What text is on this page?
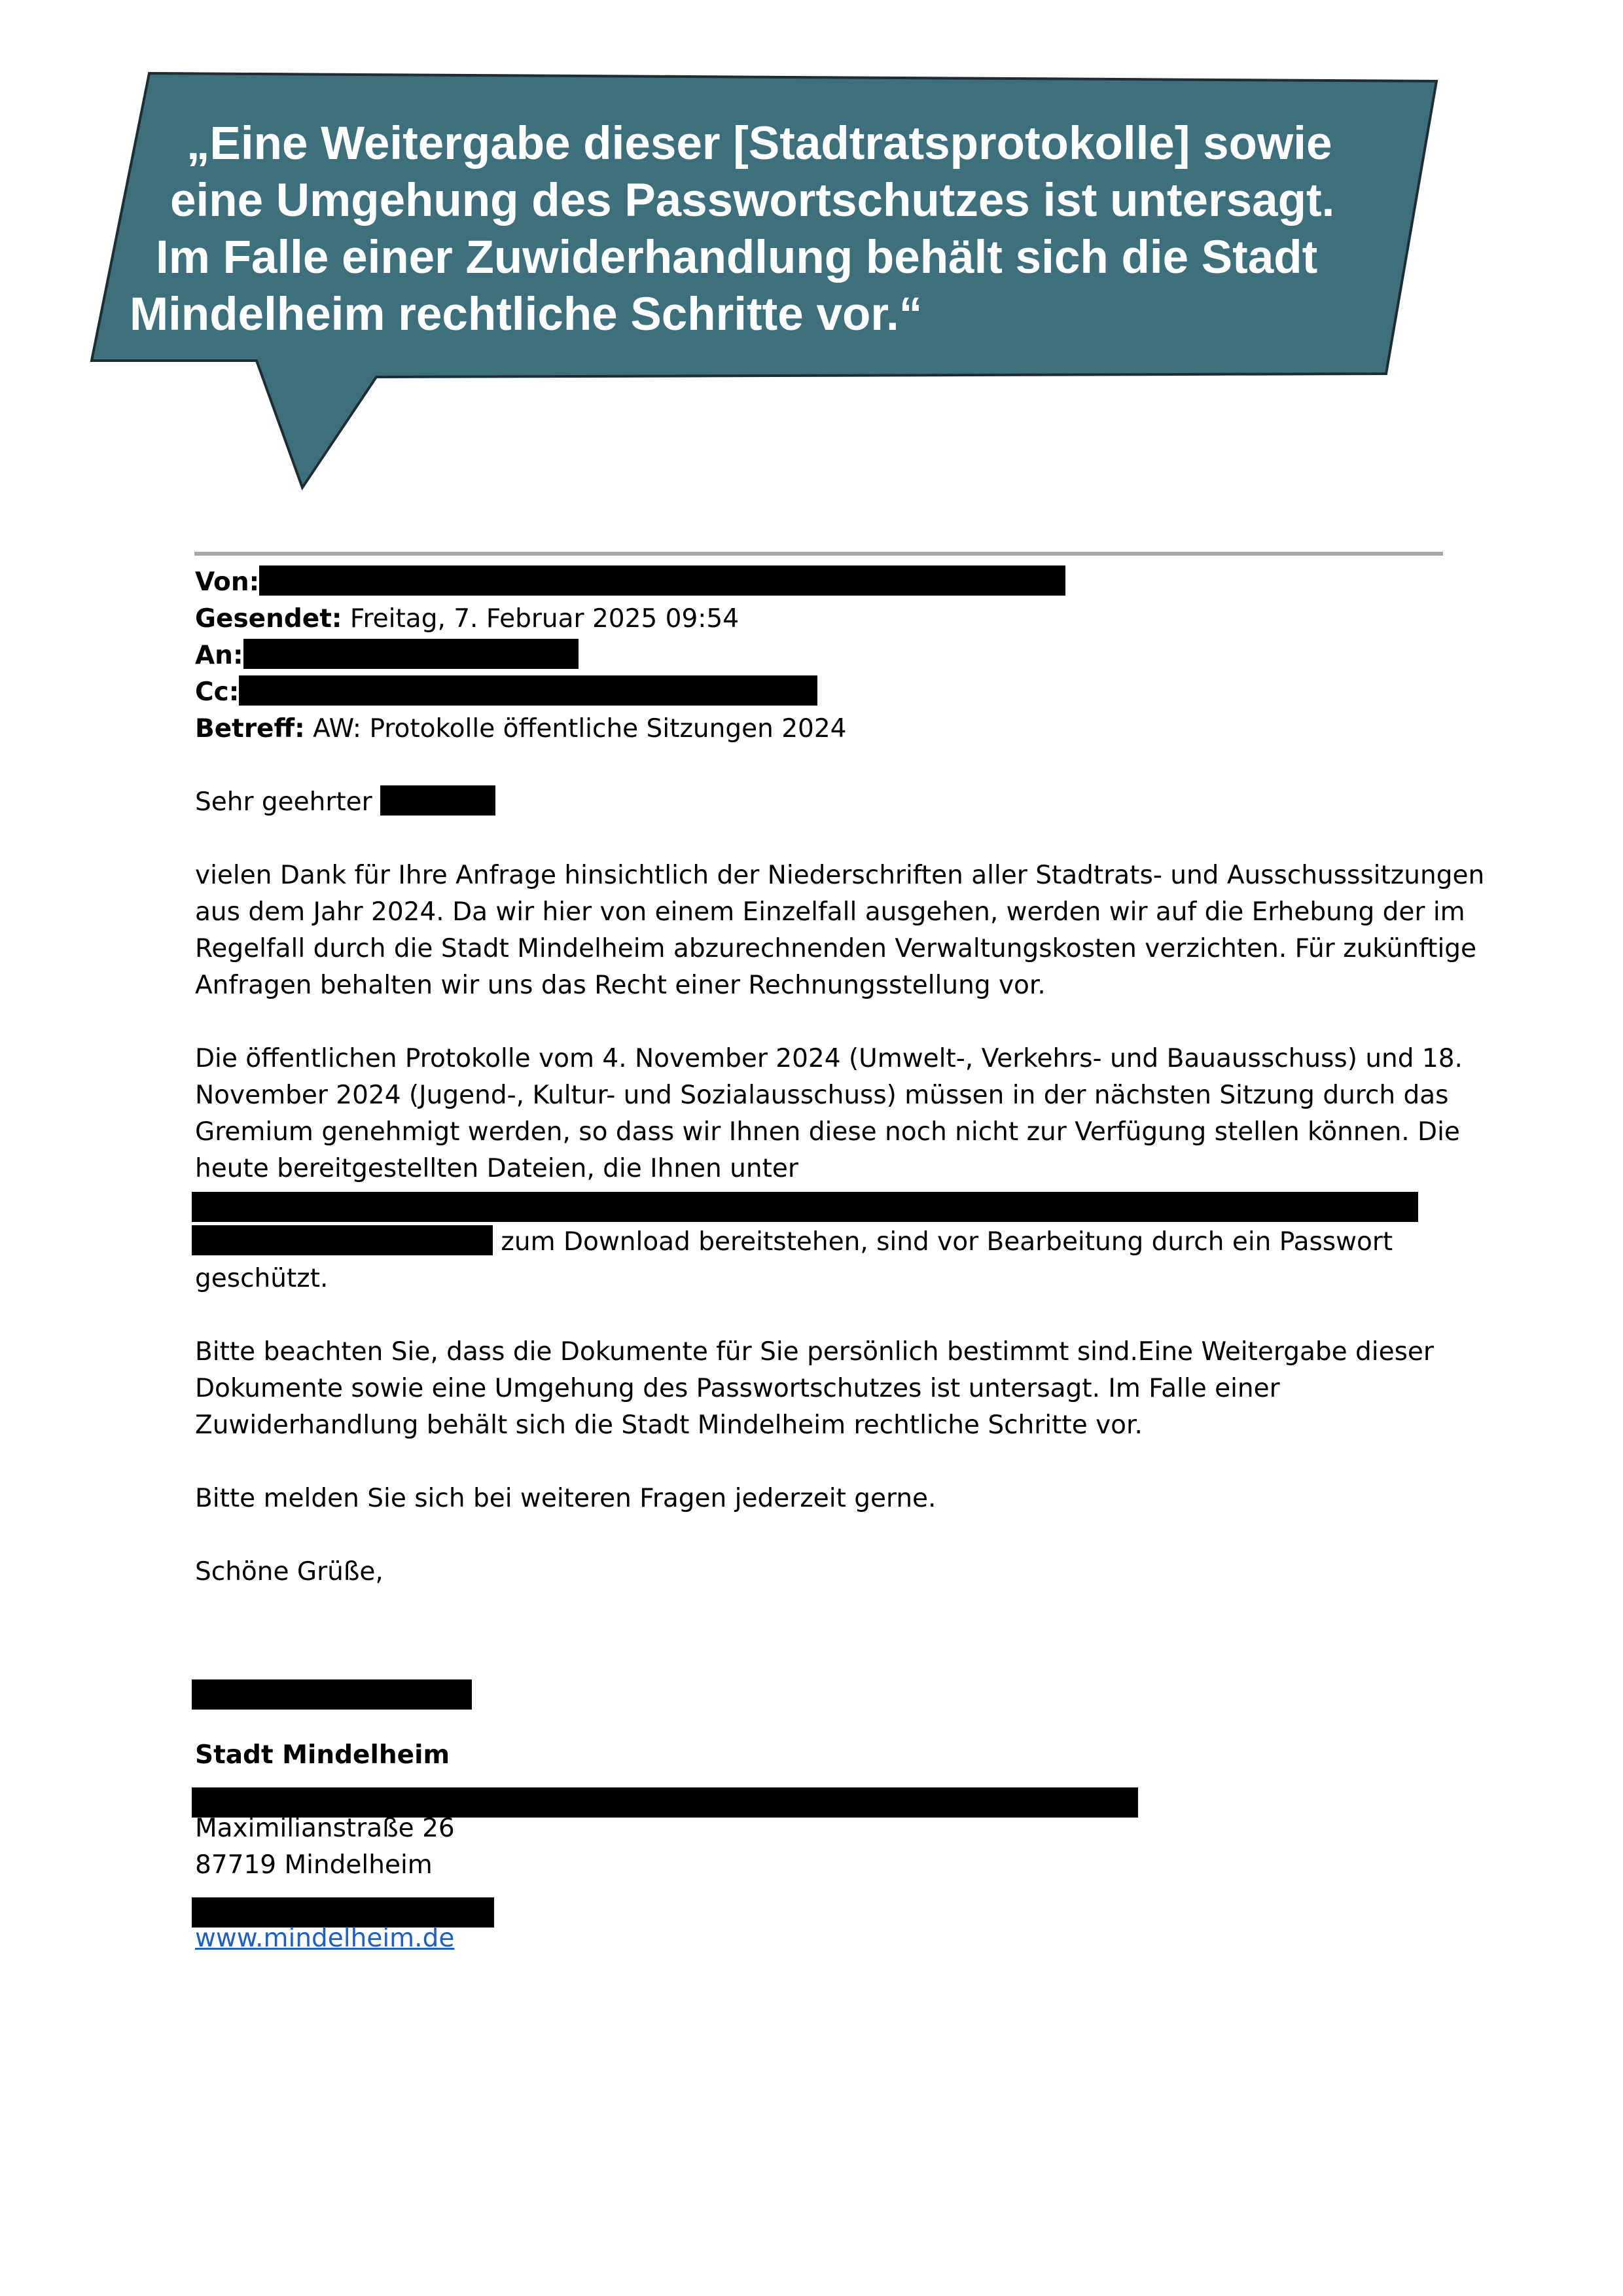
„Eine Weitergabe dieser [Stadtratsprotokolle] sowie
eine Umgehung des Passwortschutzes ist untersagt.
Im Falle einer Zuwiderhandlung behält sich die Stadt
Mindelheim rechtliche Schritte vor.“
Von:
Gesendet: Freitag, 7. Februar 2025 09:54
An:
Cc:
Betreff: AW: Protokolle öffentliche Sitzungen 2024
Sehr geehrter
vielen Dank für Ihre Anfrage hinsichtlich der Niederschriften aller Stadtrats- und Ausschusssitzungen
aus dem Jahr 2024. Da wir hier von einem Einzelfall ausgehen, werden wir auf die Erhebung der im
Regelfall durch die Stadt Mindelheim abzurechnenden Verwaltungskosten verzichten. Für zukünftige
Anfragen behalten wir uns das Recht einer Rechnungsstellung vor.
Die öffentlichen Protokolle vom 4. November 2024 (Umwelt-, Verkehrs- und Bauausschuss) und 18.
November 2024 (Jugend-, Kultur- und Sozialausschuss) müssen in der nächsten Sitzung durch das
Gremium genehmigt werden, so dass wir Ihnen diese noch nicht zur Verfügung stellen können. Die
heute bereitgestellten Dateien, die Ihnen unter
zum Download bereitstehen, sind vor Bearbeitung durch ein Passwort
geschützt.
Bitte beachten Sie, dass die Dokumente für Sie persönlich bestimmt sind.Eine Weitergabe dieser
Dokumente sowie eine Umgehung des Passwortschutzes ist untersagt. Im Falle einer
Zuwiderhandlung behält sich die Stadt Mindelheim rechtliche Schritte vor.
Bitte melden Sie sich bei weiteren Fragen jederzeit gerne.
Schöne Grüße,
Stadt Mindelheim
Maximilianstraße 26
87719 Mindelheim
www.mindelheim.de
